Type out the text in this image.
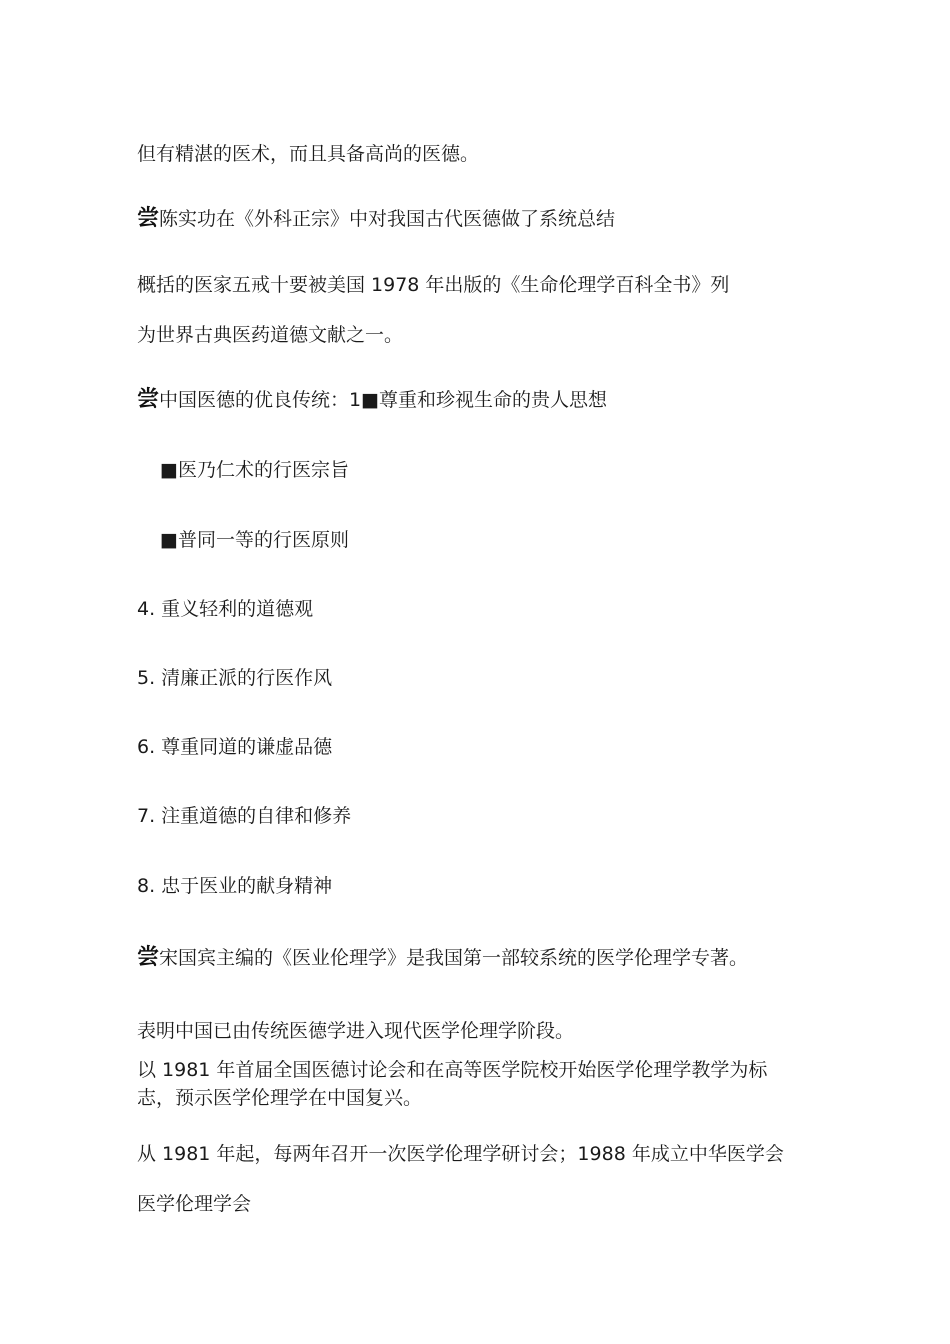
但有精湛的医术，而且具备高尚的医德。
尝陈实功在《外科正宗》中对我国古代医德做了系统总结
概括的医家五戒十要被美国 1978 年出版的《生命伦理学百科全书》列
为世界古典医药道德文献之一。
尝中国医德的优良传统：1■尊重和珍视生命的贵人思想
■医乃仁术的行医宗旨
■普同一等的行医原则
4. 重义轻利的道德观
5. 清廉正派的行医作风
6. 尊重同道的谦虚品德
7. 注重道德的自律和修养
8. 忠于医业的献身精神
尝宋国宾主编的《医业伦理学》是我国第一部较系统的医学伦理学专著。
表明中国已由传统医德学进入现代医学伦理学阶段。
以 1981 年首届全国医德讨论会和在高等医学院校开始医学伦理学教学为标
志，预示医学伦理学在中国复兴。
从 1981 年起，每两年召开一次医学伦理学研讨会；1988 年成立中华医学会
医学伦理学会
